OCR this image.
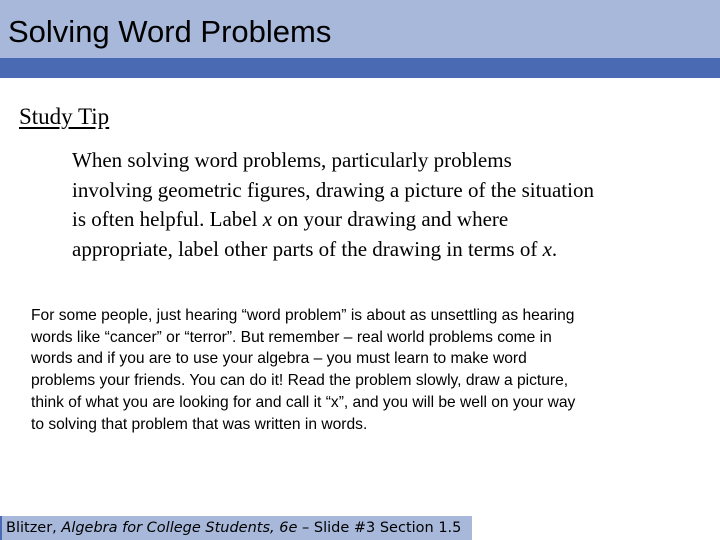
Solving Word Problems
Study Tip
When solving word problems, particularly problems
involving geometric figures, drawing a picture of the situation
is often helpful. Label x on your drawing and where
appropriate, label other parts of the drawing in terms of x.
For some people, just hearing “word problem” is about as unsettling as hearing
words like “cancer” or “terror”. But remember – real world problems come in
words and if you are to use your algebra – you must learn to make word
problems your friends. You can do it! Read the problem slowly, draw a picture,
think of what you are looking for and call it “x”, and you will be well on your way
to solving that problem that was written in words.
Blitzer, Algebra for College Students, 6e – Slide #3 Section 1.5
